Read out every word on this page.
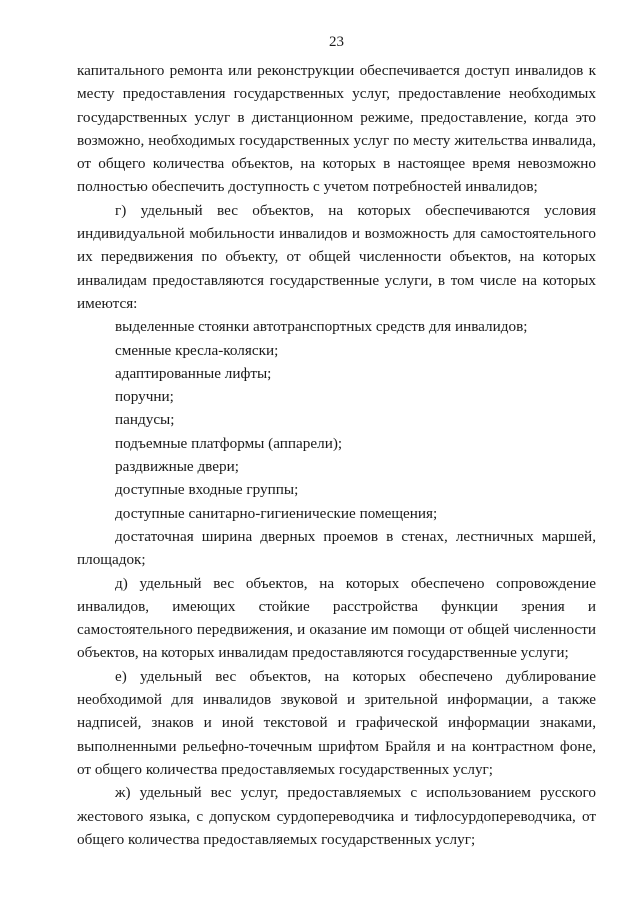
23

капитального ремонта или реконструкции обеспечивается доступ инвалидов к месту предоставления государственных услуг, предоставление необходимых государственных услуг в дистанционном режиме, предоставление, когда это возможно, необходимых государственных услуг по месту жительства инвалида, от общего количества объектов, на которых в настоящее время невозможно полностью обеспечить доступность с учетом потребностей инвалидов;

г) удельный вес объектов, на которых обеспечиваются условия индивидуальной мобильности инвалидов и возможность для самостоятельного их передвижения по объекту, от общей численности объектов, на которых инвалидам предоставляются государственные услуги, в том числе на которых имеются:

выделенные стоянки автотранспортных средств для инвалидов;

сменные кресла-коляски;

адаптированные лифты;

поручни;

пандусы;

подъемные платформы (аппарели);

раздвижные двери;

доступные входные группы;

доступные санитарно-гигиенические помещения;

достаточная ширина дверных проемов в стенах, лестничных маршей, площадок;

д) удельный вес объектов, на которых обеспечено сопровождение инвалидов, имеющих стойкие расстройства функции зрения и самостоятельного передвижения, и оказание им помощи от общей численности объектов, на которых инвалидам предоставляются государственные услуги;

е) удельный вес объектов, на которых обеспечено дублирование необходимой для инвалидов звуковой и зрительной информации, а также надписей, знаков и иной текстовой и графической информации знаками, выполненными рельефно-точечным шрифтом Брайля и на контрастном фоне, от общего количества предоставляемых государственных услуг;

ж) удельный вес услуг, предоставляемых с использованием русского жестового языка, с допуском сурдопереводчика и тифлосурдопереводчика, от общего количества предоставляемых государственных услуг;
